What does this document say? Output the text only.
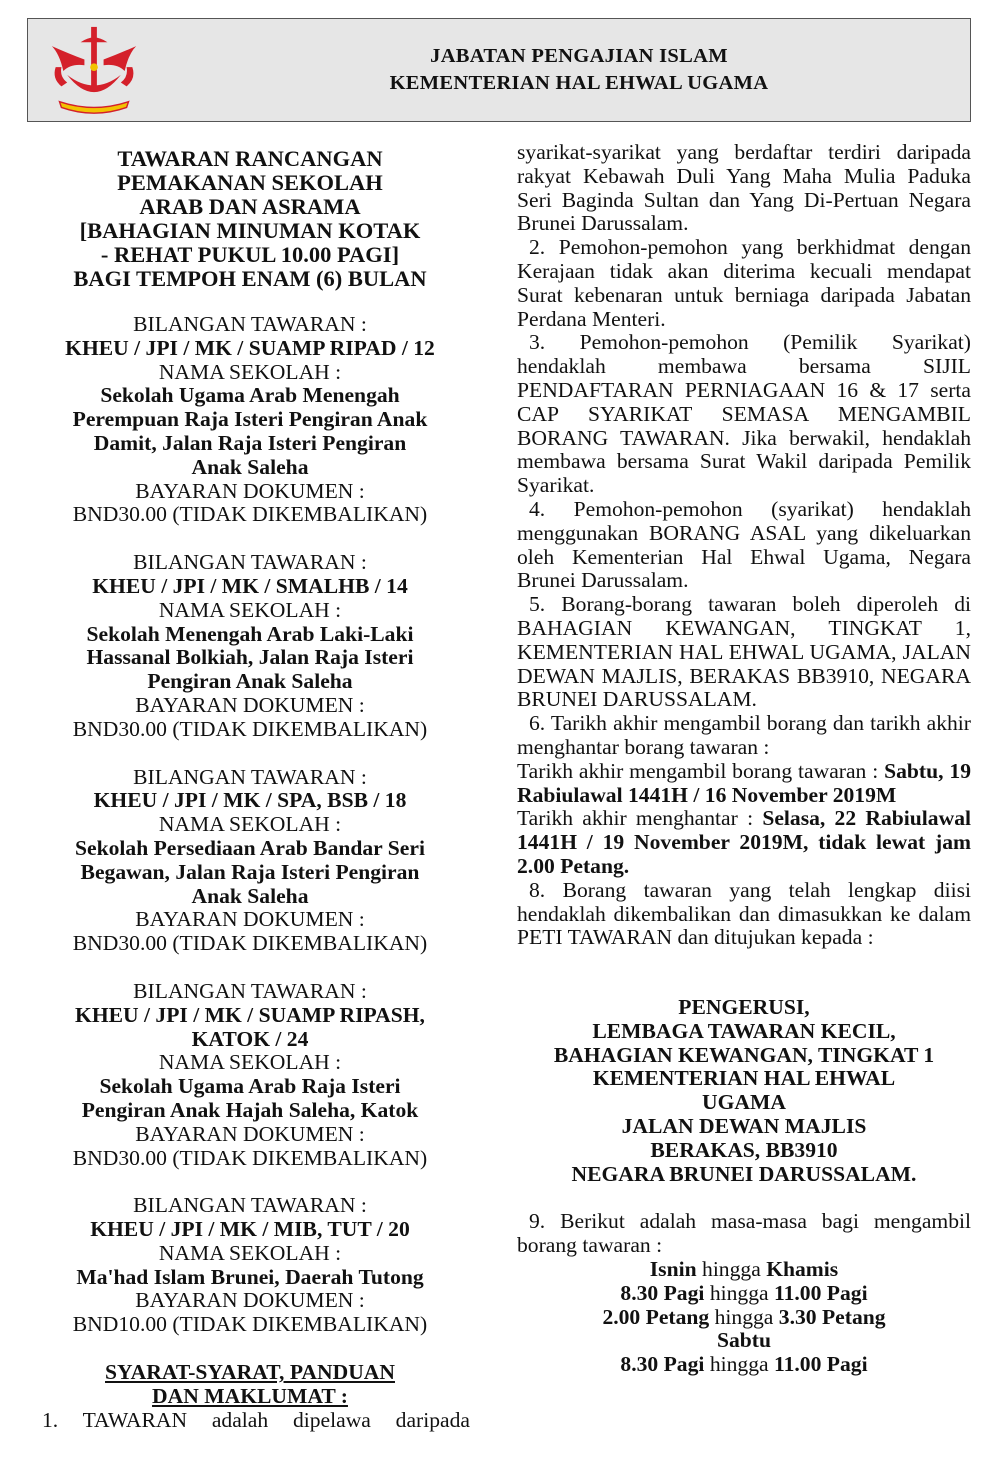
JABATAN PENGAJIAN ISLAM
KEMENTERIAN HAL EHWAL UGAMA
TAWARAN RANCANGAN
PEMAKANAN SEKOLAH
ARAB DAN ASRAMA
[BAHAGIAN MINUMAN KOTAK
- REHAT PUKUL 10.00 PAGI]
BAGI TEMPOH ENAM (6) BULAN
BILANGAN TAWARAN :
KHEU / JPI / MK / SUAMP RIPAD / 12
NAMA SEKOLAH :
Sekolah Ugama Arab Menengah
Perempuan Raja Isteri Pengiran Anak
Damit, Jalan Raja Isteri Pengiran
Anak Saleha
BAYARAN DOKUMEN :
BND30.00 (TIDAK DIKEMBALIKAN)
BILANGAN TAWARAN :
KHEU / JPI / MK / SMALHB / 14
NAMA SEKOLAH :
Sekolah Menengah Arab Laki-Laki
Hassanal Bolkiah, Jalan Raja Isteri
Pengiran Anak Saleha
BAYARAN DOKUMEN :
BND30.00 (TIDAK DIKEMBALIKAN)
BILANGAN TAWARAN :
KHEU / JPI / MK / SPA, BSB / 18
NAMA SEKOLAH :
Sekolah Persediaan Arab Bandar Seri
Begawan, Jalan Raja Isteri Pengiran
Anak Saleha
BAYARAN DOKUMEN :
BND30.00 (TIDAK DIKEMBALIKAN)
BILANGAN TAWARAN :
KHEU / JPI / MK / SUAMP RIPASH,
KATOK / 24
NAMA SEKOLAH :
Sekolah Ugama Arab Raja Isteri
Pengiran Anak Hajah Saleha, Katok
BAYARAN DOKUMEN :
BND30.00 (TIDAK DIKEMBALIKAN)
BILANGAN TAWARAN :
KHEU / JPI / MK / MIB, TUT / 20
NAMA SEKOLAH :
Ma'had Islam Brunei, Daerah Tutong
BAYARAN DOKUMEN :
BND10.00 (TIDAK DIKEMBALIKAN)
SYARAT-SYARAT, PANDUAN
DAN MAKLUMAT :

1. TAWARAN adalah dipelawa daripada

syarikat-syarikat yang berdaftar terdiri daripada rakyat Kebawah Duli Yang Maha Mulia Paduka Seri Baginda Sultan dan Yang Di-Pertuan Negara Brunei Darussalam.

2. Pemohon-pemohon yang berkhidmat dengan Kerajaan tidak akan diterima kecuali mendapat Surat kebenaran untuk berniaga daripada Jabatan Perdana Menteri.

3. Pemohon-pemohon (Pemilik Syarikat) hendaklah membawa bersama SIJIL PENDAFTARAN PERNIAGAAN 16 & 17 serta CAP SYARIKAT SEMASA MENGAMBIL BORANG TAWARAN. Jika berwakil, hendaklah membawa bersama Surat Wakil daripada Pemilik Syarikat.

4. Pemohon-pemohon (syarikat) hendaklah menggunakan BORANG ASAL yang dikeluarkan oleh Kementerian Hal Ehwal Ugama, Negara Brunei Darussalam.

5. Borang-borang tawaran boleh diperoleh di BAHAGIAN KEWANGAN, TINGKAT 1, KEMENTERIAN HAL EHWAL UGAMA, JALAN DEWAN MAJLIS, BERAKAS BB3910, NEGARA BRUNEI DARUSSALAM.

6. Tarikh akhir mengambil borang dan tarikh akhir menghantar borang tawaran :

Tarikh akhir mengambil borang tawaran : Sabtu, 19 Rabiulawal 1441H / 16 November 2019M

Tarikh akhir menghantar : Selasa, 22 Rabiulawal 1441H / 19 November 2019M, tidak lewat jam 2.00 Petang.

8. Borang tawaran yang telah lengkap diisi hendaklah dikembalikan dan dimasukkan ke dalam PETI TAWARAN dan ditujukan kepada :

PENGERUSI,
LEMBAGA TAWARAN KECIL,
BAHAGIAN KEWANGAN, TINGKAT 1
KEMENTERIAN HAL EHWAL
UGAMA
JALAN DEWAN MAJLIS
BERAKAS, BB3910
NEGARA BRUNEI DARUSSALAM.

9. Berikut adalah masa-masa bagi mengambil borang tawaran :

Isnin hingga Khamis
8.30 Pagi hingga 11.00 Pagi
2.00 Petang hingga 3.30 Petang
Sabtu
8.30 Pagi hingga 11.00 Pagi
